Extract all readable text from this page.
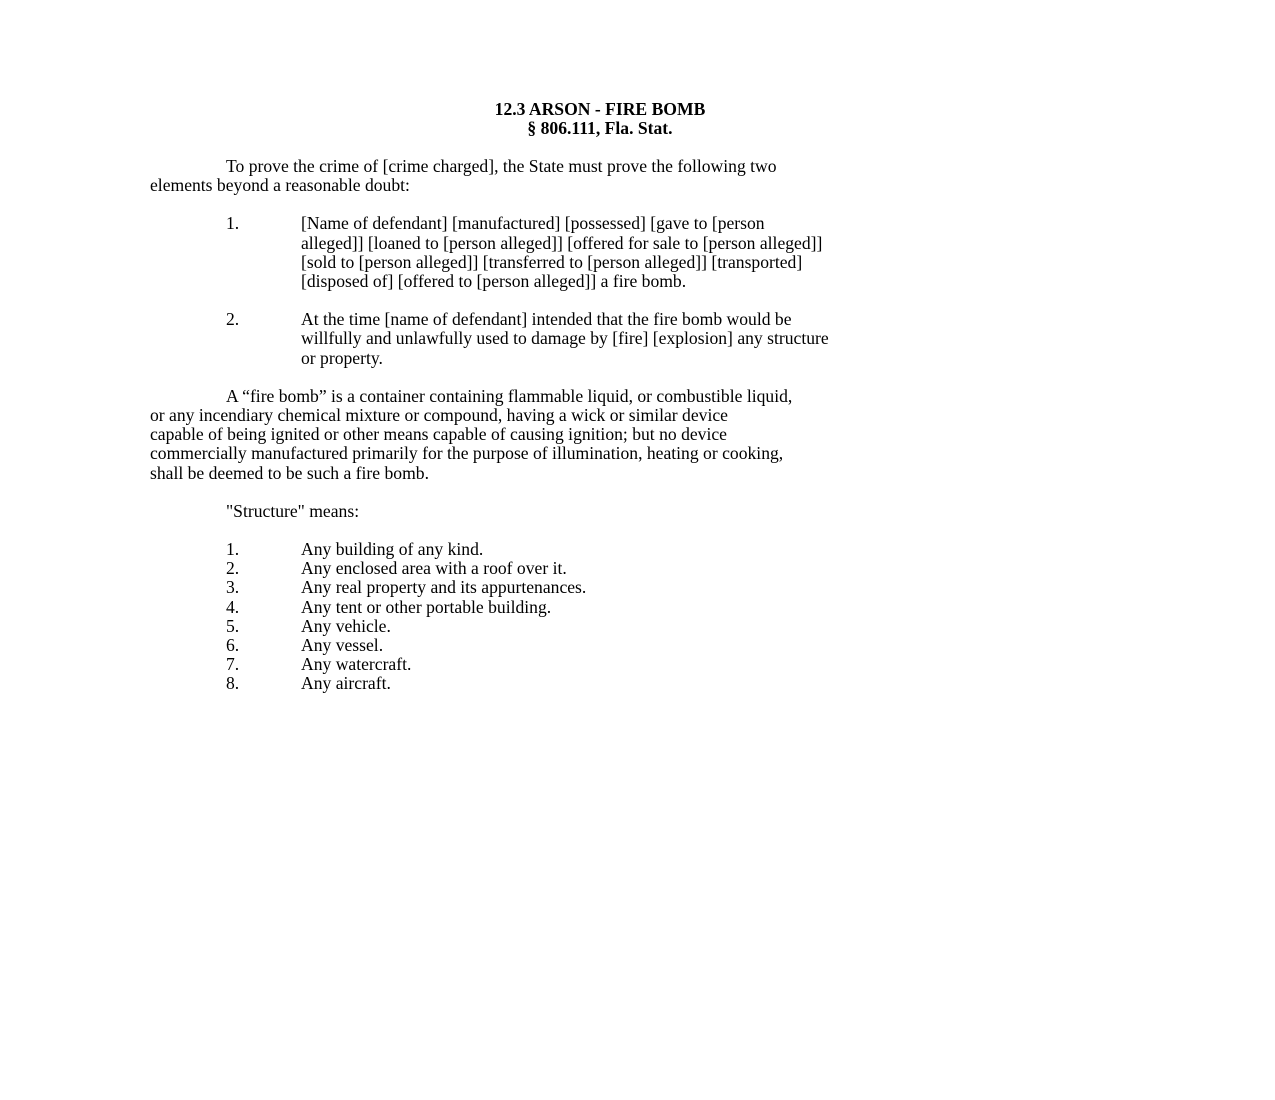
12.3 ARSON - FIRE BOMB
§ 806.111, Fla. Stat.
To prove the crime of [crime charged], the State must prove the following two
elements beyond a reasonable doubt:
1.	[Name of defendant] [manufactured] [possessed] [gave to [person
alleged]] [loaned to [person alleged]] [offered for sale to [person alleged]]
[sold to [person alleged]] [transferred to [person alleged]] [transported]
[disposed of] [offered to [person alleged]] a fire bomb.
2.	At the time [name of defendant] intended that the fire bomb would be
willfully and unlawfully used to damage by [fire] [explosion] any structure
or property.
A “fire bomb” is a container containing flammable liquid, or combustible liquid,
or any incendiary chemical mixture or compound, having a wick or similar device
capable of being ignited or other means capable of causing ignition; but no device
commercially manufactured primarily for the purpose of illumination, heating or cooking,
shall be deemed to be such a fire bomb.
"Structure" means:
1.	Any building of any kind.
2.	Any enclosed area with a roof over it.
3.	Any real property and its appurtenances.
4.	Any tent or other portable building.
5.	Any vehicle.
6.	Any vessel.
7.	Any watercraft.
8.	Any aircraft.
